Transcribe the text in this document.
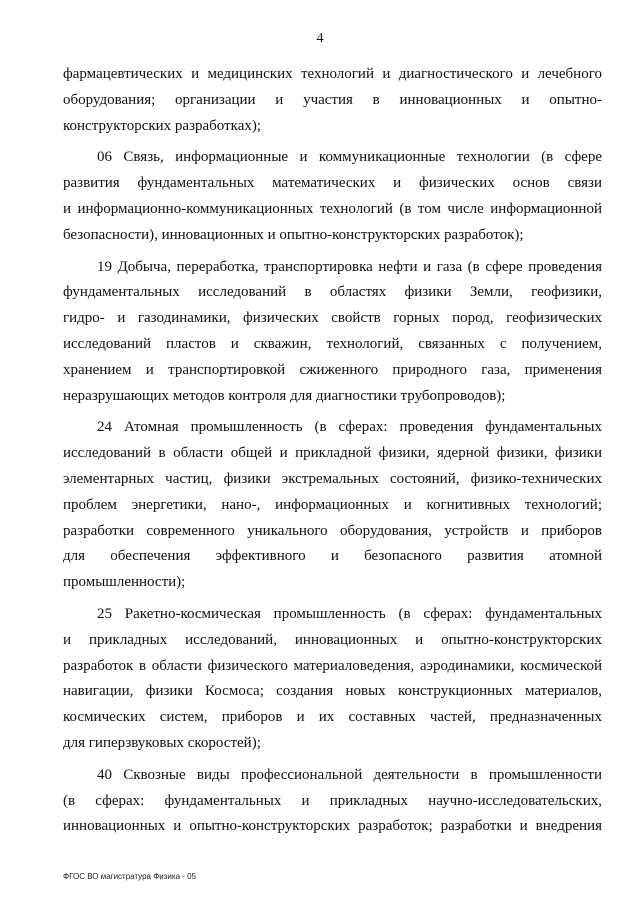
4
фармацевтических и медицинских технологий и диагностического и лечебного
оборудования; организации и участия в инновационных и опытно-
конструкторских разработках);
06 Связь, информационные и коммуникационные технологии (в сфере
развития фундаментальных математических и физических основ связи
и информационно-коммуникационных технологий (в том числе информационной
безопасности), инновационных и опытно-конструкторских разработок);
19 Добыча, переработка, транспортировка нефти и газа (в сфере проведения
фундаментальных исследований в областях физики Земли, геофизики,
гидро- и газодинамики, физических свойств горных пород, геофизических
исследований пластов и скважин, технологий, связанных с получением,
хранением и транспортировкой сжиженного природного газа, применения
неразрушающих методов контроля для диагностики трубопроводов);
24 Атомная промышленность (в сферах: проведения фундаментальных
исследований в области общей и прикладной физики, ядерной физики, физики
элементарных частиц, физики экстремальных состояний, физико-технических
проблем энергетики, нано-, информационных и когнитивных технологий;
разработки современного уникального оборудования, устройств и приборов
для обеспечения эффективного и безопасного развития атомной
промышленности);
25 Ракетно-космическая промышленность (в сферах: фундаментальных
и прикладных исследований, инновационных и опытно-конструкторских
разработок в области физического материаловедения, аэродинамики, космической
навигации, физики Космоса; создания новых конструкционных материалов,
космических систем, приборов и их составных частей, предназначенных
для гиперзвуковых скоростей);
40 Сквозные виды профессиональной деятельности в промышленности
(в сферах: фундаментальных и прикладных научно-исследовательских,
инновационных и опытно-конструкторских разработок; разработки и внедрения
ФГОС ВО магистратура Физика - 05
